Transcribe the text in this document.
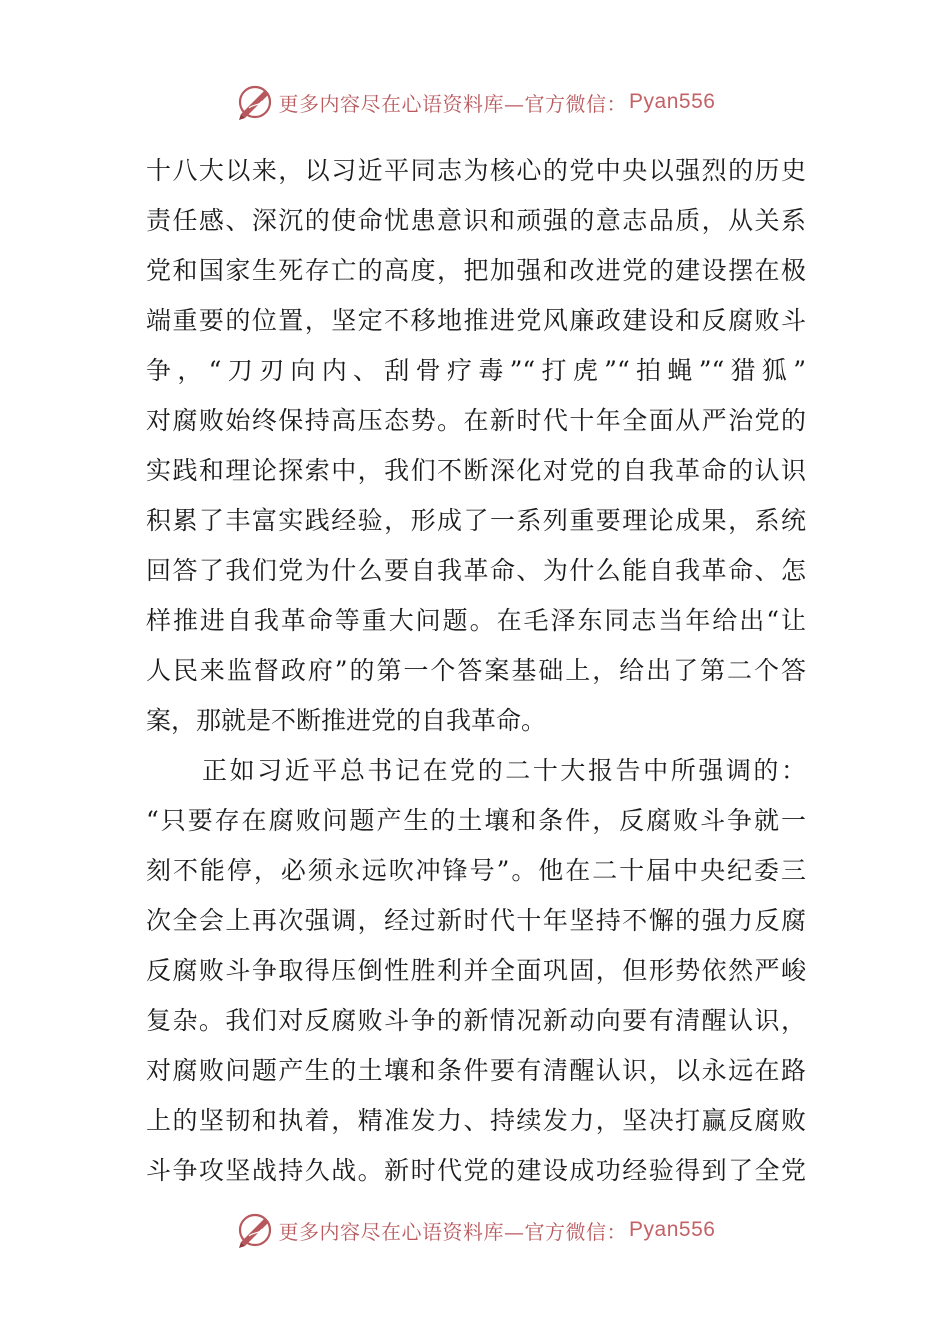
更多内容尽在心语资料库— 官方微信： Pyan556
十八大以来，以习近平同志为核心的党中央以强烈的历史
责任感、深沉的使命忧患意识和顽强的意志品质，从关系
党和国家生死存亡的高度，把加强和改进党的建设摆在极
端重要的位置，坚定不移地推进党风廉政建设和反腐败斗
争，“刀刃向内、刮骨疗毒”“打虎”“拍蝇”“猎狐”
对腐败始终保持高压态势。在新时代十年全面从严治党的
实践和理论探索中，我们不断深化对党的自我革命的认识
积累了丰富实践经验，形成了一系列重要理论成果，系统
回答了我们党为什么要自我革命、为什么能自我革命、怎
样推进自我革命等重大问题。在毛泽东同志当年给出“让
人民来监督政府”的第一个答案基础上，给出了第二个答
案，那就是不断推进党的自我革命。
正如习近平总书记在党的二十大报告中所强调的：
“只要存在腐败问题产生的土壤和条件，反腐败斗争就一
刻不能停，必须永远吹冲锋号”。他在二十届中央纪委三
次全会上再次强调，经过新时代十年坚持不懈的强力反腐
反腐败斗争取得压倒性胜利并全面巩固，但形势依然严峻
复杂。我们对反腐败斗争的新情况新动向要有清醒认识，
对腐败问题产生的土壤和条件要有清醒认识，以永远在路
上的坚韧和执着，精准发力、持续发力，坚决打赢反腐败
斗争攻坚战持久战。新时代党的建设成功经验得到了全党
更多内容尽在心语资料库— 官方微信： Pyan556
